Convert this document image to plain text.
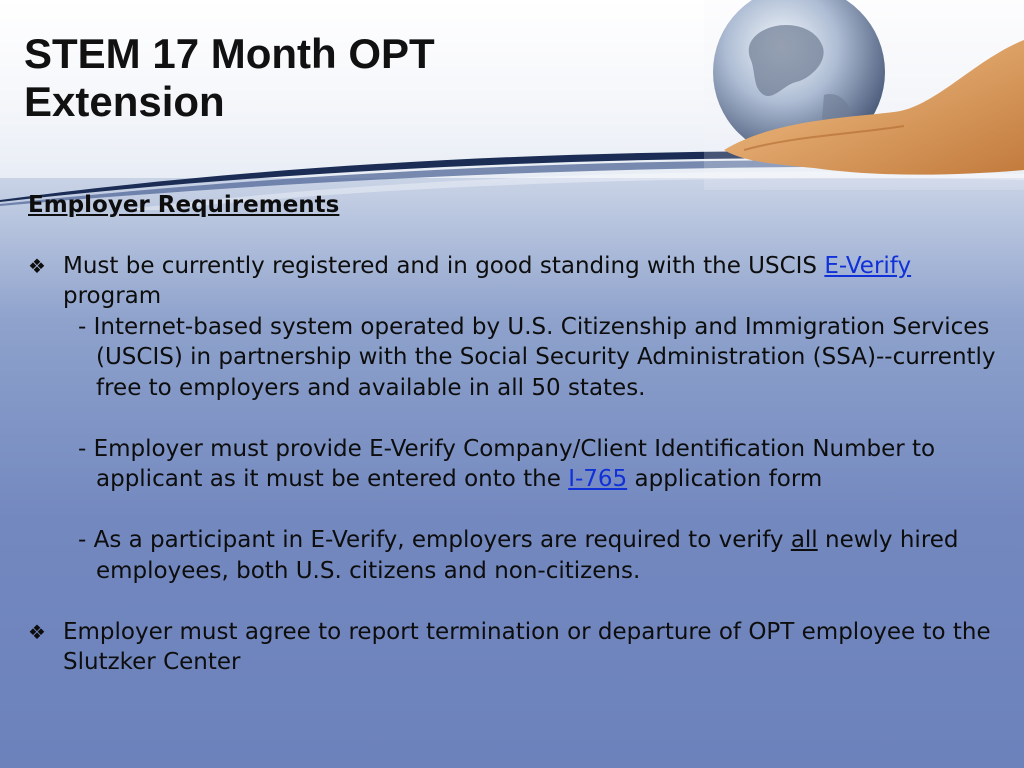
STEM 17 Month OPT
Extension

Employer Requirements

❖ Must be currently registered and in good standing with the USCIS E-Verify program

- Internet-based system operated by U.S. Citizenship and Immigration Services (USCIS) in partnership with the Social Security Administration (SSA)--currently free to employers and available in all 50 states.

- Employer must provide E-Verify Company/Client Identification Number to applicant as it must be entered onto the I-765 application form

- As a participant in E-Verify, employers are required to verify all newly hired employees, both U.S. citizens and non-citizens.

❖ Employer must agree to report termination or departure of OPT employee to the Slutzker Center
